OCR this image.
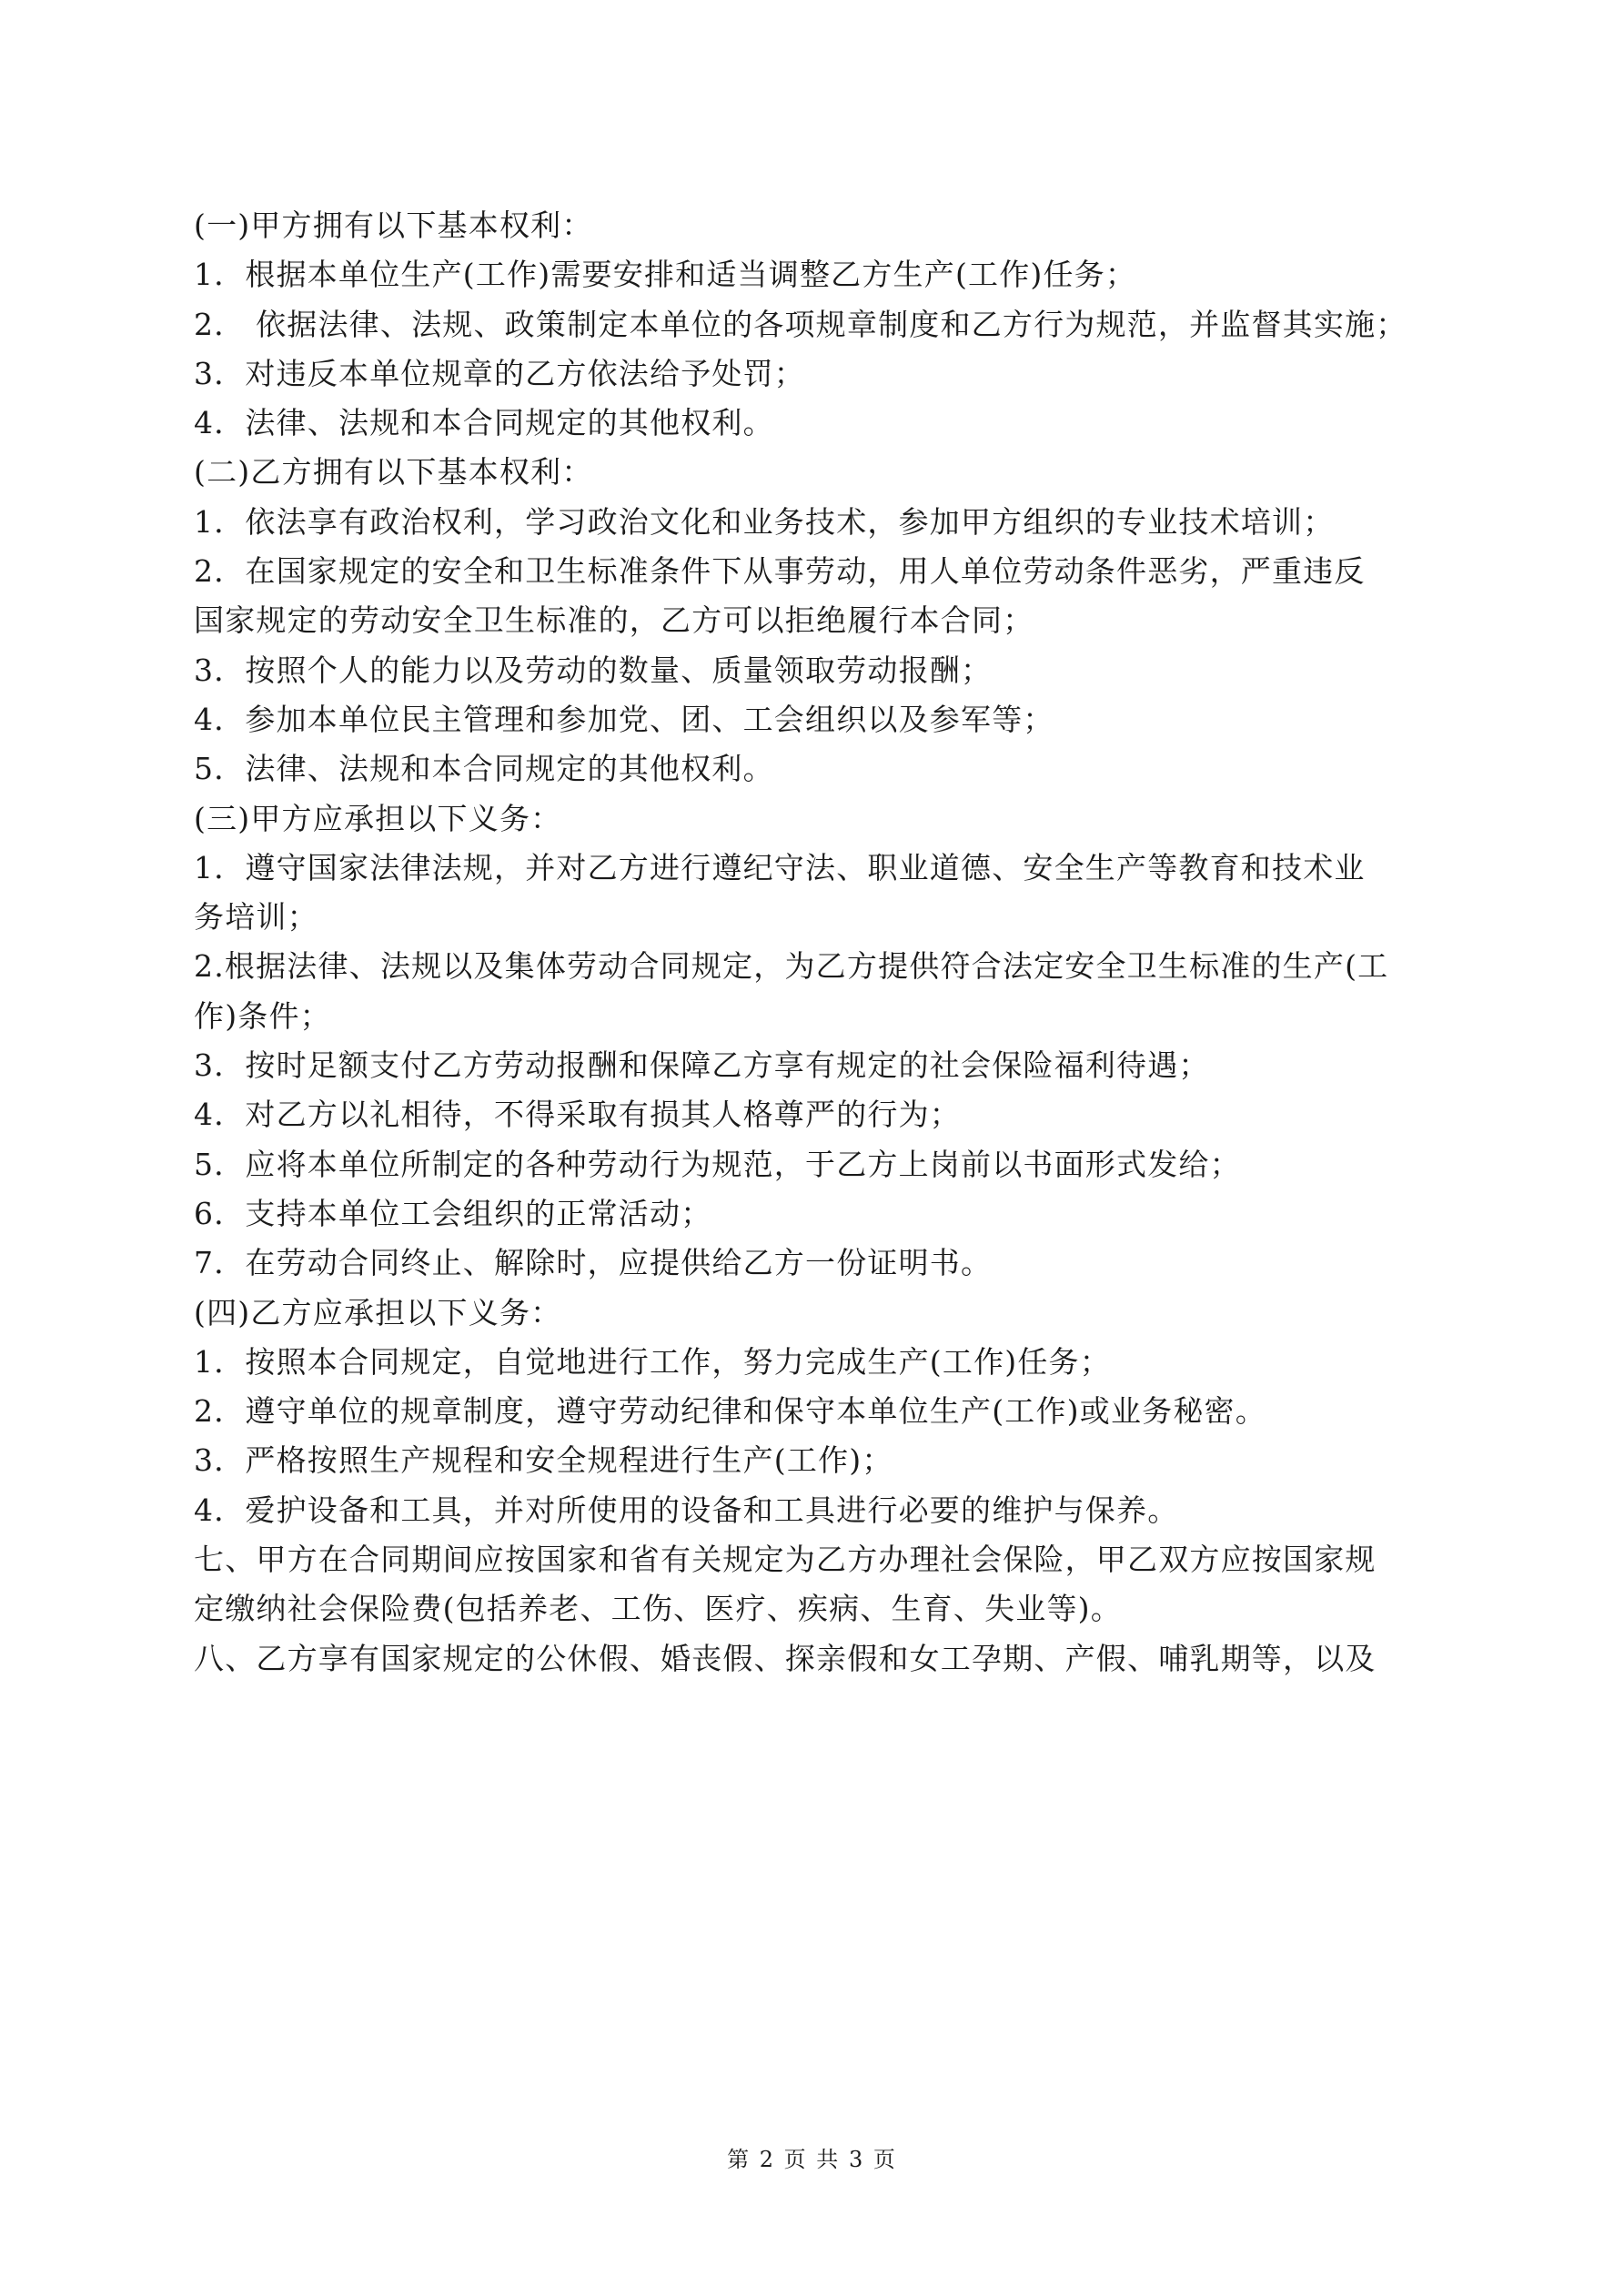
(一)甲方拥有以下基本权利：
1．根据本单位生产(工作)需要安排和适当调整乙方生产(工作)任务；
2． 依据法律、法规、政策制定本单位的各项规章制度和乙方行为规范，并监督其实施；
3．对违反本单位规章的乙方依法给予处罚；
4．法律、法规和本合同规定的其他权利。
(二)乙方拥有以下基本权利：
1．依法享有政治权利，学习政治文化和业务技术，参加甲方组织的专业技术培训；
2．在国家规定的安全和卫生标准条件下从事劳动，用人单位劳动条件恶劣，严重违反
国家规定的劳动安全卫生标准的，乙方可以拒绝履行本合同；
3．按照个人的能力以及劳动的数量、质量领取劳动报酬；
4．参加本单位民主管理和参加党、团、工会组织以及参军等；
5．法律、法规和本合同规定的其他权利。
(三)甲方应承担以下义务：
1．遵守国家法律法规，并对乙方进行遵纪守法、职业道德、安全生产等教育和技术业
务培训；
2.根据法律、法规以及集体劳动合同规定，为乙方提供符合法定安全卫生标准的生产(工
作)条件；
3．按时足额支付乙方劳动报酬和保障乙方享有规定的社会保险福利待遇；
4．对乙方以礼相待，不得采取有损其人格尊严的行为；
5．应将本单位所制定的各种劳动行为规范，于乙方上岗前以书面形式发给；
6．支持本单位工会组织的正常活动；
7．在劳动合同终止、解除时，应提供给乙方一份证明书。
(四)乙方应承担以下义务：
1．按照本合同规定，自觉地进行工作，努力完成生产(工作)任务；
2．遵守单位的规章制度，遵守劳动纪律和保守本单位生产(工作)或业务秘密。
3．严格按照生产规程和安全规程进行生产(工作)；
4．爱护设备和工具，并对所使用的设备和工具进行必要的维护与保养。
七、甲方在合同期间应按国家和省有关规定为乙方办理社会保险，甲乙双方应按国家规
定缴纳社会保险费(包括养老、工伤、医疗、疾病、生育、失业等)。
八、乙方享有国家规定的公休假、婚丧假、探亲假和女工孕期、产假、哺乳期等，以及
第 2 页 共 3 页
